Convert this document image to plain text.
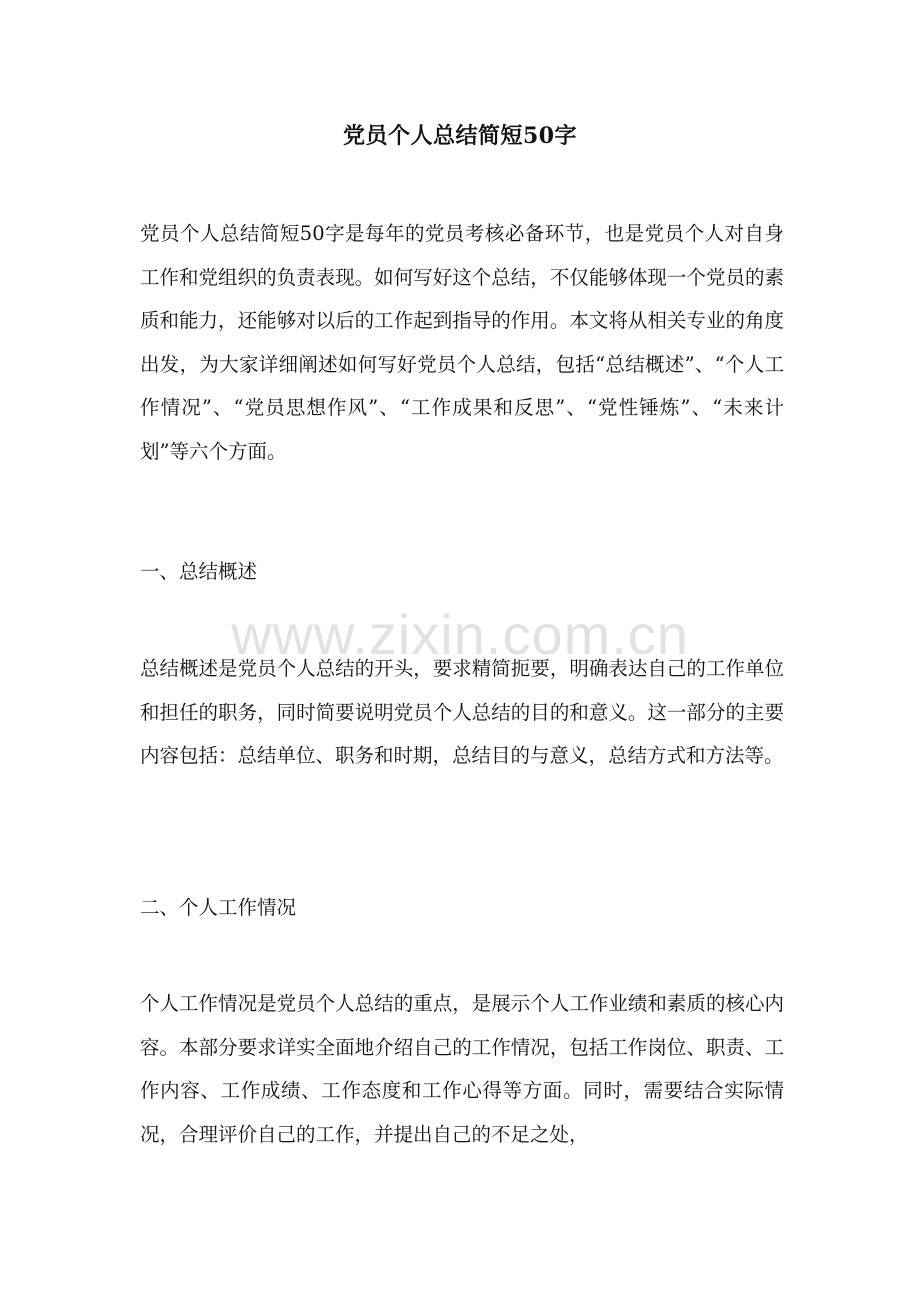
党员个人总结简短50字
党员个人总结简短50字是每年的党员考核必备环节，也是党员个人对自身工作和党组织的负责表现。如何写好这个总结，不仅能够体现一个党员的素质和能力，还能够对以后的工作起到指导的作用。本文将从相关专业的角度出发，为大家详细阐述如何写好党员个人总结，包括“总结概述”、“个人工作情况”、“党员思想作风”、“工作成果和反思”、“党性锤炼”、“未来计划”等六个方面。
一、总结概述
总结概述是党员个人总结的开头，要求精简扼要，明确表达自己的工作单位和担任的职务，同时简要说明党员个人总结的目的和意义。这一部分的主要内容包括：总结单位、职务和时期，总结目的与意义，总结方式和方法等。
二、个人工作情况
个人工作情况是党员个人总结的重点，是展示个人工作业绩和素质的核心内容。本部分要求详实全面地介绍自己的工作情况，包括工作岗位、职责、工作内容、工作成绩、工作态度和工作心得等方面。同时，需要结合实际情况，合理评价自己的工作，并提出自己的不足之处，
www.zixin.com.cn
